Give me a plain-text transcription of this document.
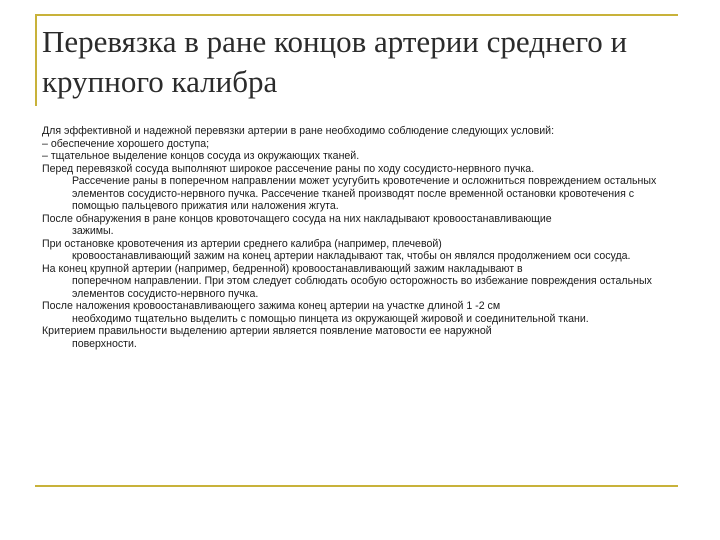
Перевязка в ране концов артерии среднего и крупного калибра

Для эффективной и надежной перевязки артерии в ране необходимо соблюдение следующих условий:

– обеспечение хорошего доступа;

– тщательное выделение концов сосуда из окружающих тканей.

Перед перевязкой сосуда выполняют широкое рассечение раны по ходу сосудисто-нервного пучка.

Рассечение раны в поперечном направлении может усугубить кровотечение и осложниться повреждением остальных элементов сосудисто-нервного пучка. Рассечение тканей производят после временной остановки кровотечения с помощью пальцевого прижатия или наложения жгута.

После обнаружения в ране концов кровоточащего сосуда на них накладывают кровоостанавливающие

зажимы.

При остановке кровотечения из артерии среднего калибра (например, плечевой)

кровоостанавливающий зажим на конец артерии накладывают так, чтобы он являлся продолжением оси сосуда.

На конец крупной артерии (например, бедренной) кровоостанавливающий зажим накладывают в

поперечном направлении. При этом следует соблюдать особую осторожность во избежание повреждения остальных элементов сосудисто-нервного пучка.

После наложения кровоостанавливающего зажима конец артерии на участке длиной 1 -2 см

необходимо тщательно выделить с помощью пинцета из окружающей жировой и соединительной ткани.

Критерием правильности выделению артерии является появление матовости ее наружной

поверхности.
